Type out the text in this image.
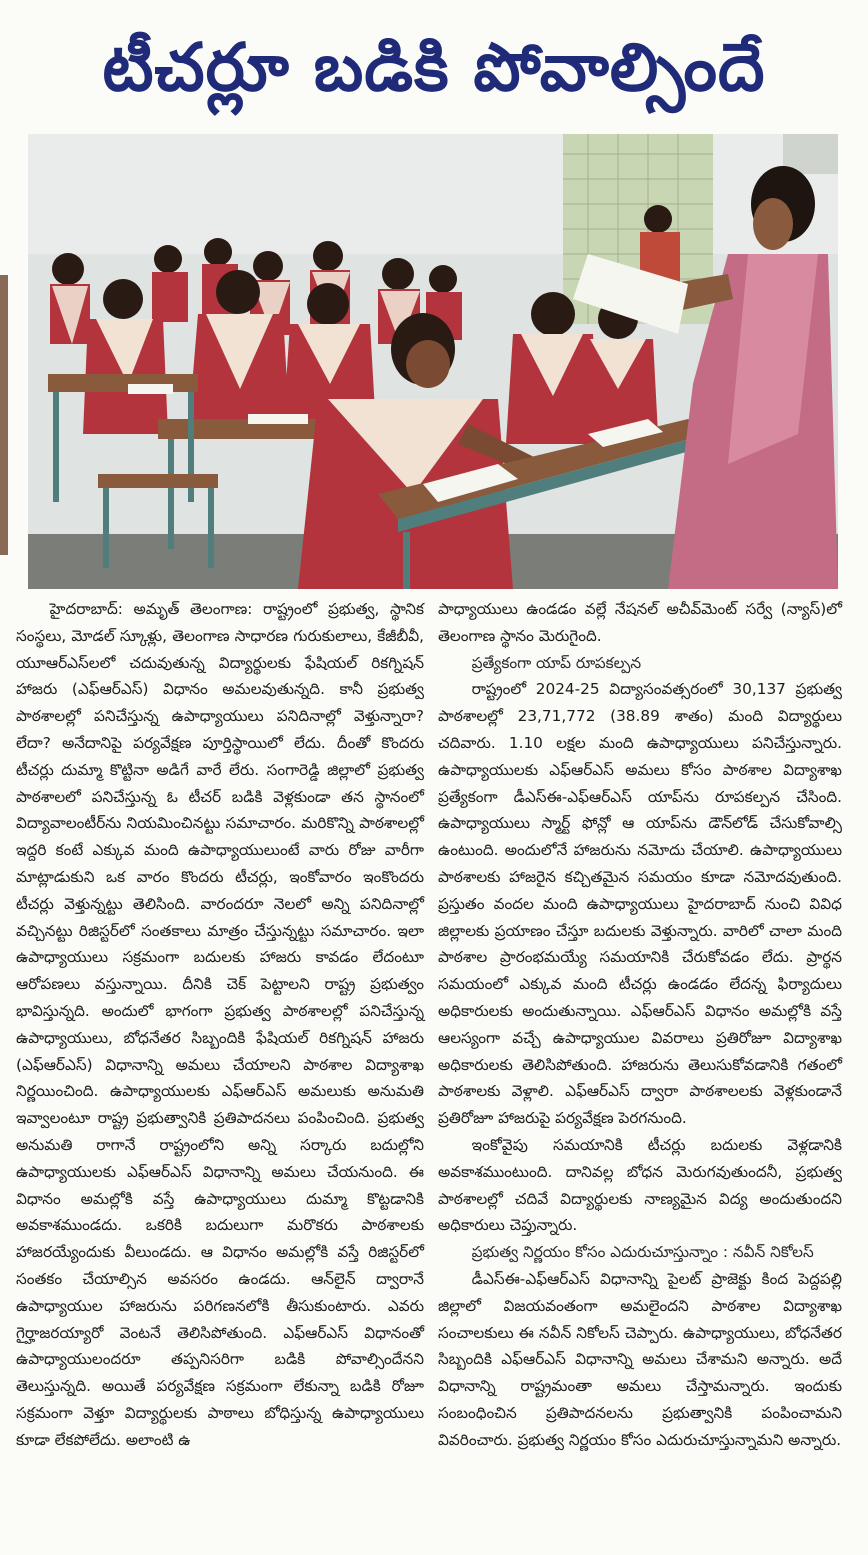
టీచర్లూ బడికి పోవాల్సిందే

హైదరాబాద్: అమృత్ తెలంగాణ: రాష్ట్రంలో ప్రభుత్వ, స్థానిక సంస్థలు, మోడల్ స్కూళ్లు, తెలంగాణ సాధారణ గురుకులాలు, కేజీబీవీ, యూఆర్ఎస్‌లలో చదువుతున్న విద్యార్థులకు ఫేషియల్ రికగ్నిషన్ హాజరు (ఎఫ్ఆర్ఎస్) విధానం అమలవుతున్నది. కానీ ప్రభుత్వ పాఠశాలల్లో పనిచేస్తున్న ఉపాధ్యాయులు పనిదినాల్లో వెళ్తున్నారా? లేదా? అనేదానిపై పర్యవేక్షణ పూర్తిస్థాయిలో లేదు. దీంతో కొందరు టీచర్లు దుమ్మా కొట్టినా అడిగే వారే లేరు. సంగారెడ్డి జిల్లాలో ప్రభుత్వ పాఠశాలలో పనిచేస్తున్న ఓ టీచర్ బడికి వెళ్లకుండా తన స్థానంలో విద్యావాలంటీర్‌ను నియమించినట్టు సమాచారం. మరికొన్ని పాఠశాలల్లో ఇద్దరి కంటే ఎక్కువ మంది ఉపాధ్యాయులుంటే వారు రోజు వారీగా మాట్లాడుకుని ఒక వారం కొందరు టీచర్లు, ఇంకోవారం ఇంకొందరు టీచర్లు వెళ్తున్నట్టు తెలిసింది. వారందరూ నెలలో అన్ని పనిదినాల్లో వచ్చినట్టు రిజిస్టర్‌లో సంతకాలు మాత్రం చేస్తున్నట్టు సమాచారం. ఇలా ఉపాధ్యాయులు సక్రమంగా బదులకు హాజరు కావడం లేదంటూ ఆరోపణలు వస్తున్నాయి. దీనికి చెక్ పెట్టాలని రాష్ట్ర ప్రభుత్వం భావిస్తున్నది. అందులో భాగంగా ప్రభుత్వ పాఠశాలల్లో పనిచేస్తున్న ఉపాధ్యాయులు, బోధనేతర సిబ్బందికి ఫేషియల్ రికగ్నిషన్ హాజరు (ఎఫ్ఆర్ఎస్) విధానాన్ని అమలు చేయాలని పాఠశాల విద్యాశాఖ నిర్ణయించింది. ఉపాధ్యాయులకు ఎఫ్ఆర్ఎస్ అమలుకు అనుమతి ఇవ్వాలంటూ రాష్ట్ర ప్రభుత్వానికి ప్రతిపాదనలు పంపించింది. ప్రభుత్వ అనుమతి రాగానే రాష్ట్రంలోని అన్ని సర్కారు బదుల్లోని ఉపాధ్యాయులకు ఎఫ్ఆర్ఎస్ విధానాన్ని అమలు చేయనుంది. ఈ విధానం అమల్లోకి వస్తే ఉపాధ్యాయులు దుమ్మా కొట్టడానికి అవకాశముండదు. ఒకరికి బదులుగా మరొకరు పాఠశాలకు హాజరయ్యేందుకు వీలుండదు. ఆ విధానం అమల్లోకి వస్తే రిజిస్టర్‌లో సంతకం చేయాల్సిన అవసరం ఉండదు. ఆన్‌లైన్ ద్వారానే ఉపాధ్యాయుల హాజరును పరిగణనలోకి తీసుకుంటారు. ఎవరు గైర్హాజరయ్యారో వెంటనే తెలిసిపోతుంది. ఎఫ్ఆర్ఎస్ విధానంతో ఉపాధ్యాయులందరూ తప్పనిసరిగా బడికి పోవాల్సిందేనని తెలుస్తున్నది. అయితే పర్యవేక్షణ సక్రమంగా లేకున్నా బడికి రోజూ సక్రమంగా వెళ్తూ విద్యార్థులకు పాఠాలు బోధిస్తున్న ఉపాధ్యాయులు కూడా లేకపోలేదు. అలాంటి ఉ

పాధ్యాయులు ఉండడం వల్లే నేషనల్ అచీవ్‌మెంట్ సర్వే (న్యాస్)లో తెలంగాణ స్థానం మెరుగైంది.

ప్రత్యేకంగా యాప్ రూపకల్పన

రాష్ట్రంలో 2024-25 విద్యాసంవత్సరంలో 30,137 ప్రభుత్వ పాఠశాలల్లో 23,71,772 (38.89 శాతం) మంది విద్యార్థులు చదివారు. 1.10 లక్షల మంది ఉపాధ్యాయులు పనిచేస్తున్నారు. ఉపాధ్యాయులకు ఎఫ్ఆర్ఎస్ అమలు కోసం పాఠశాల విద్యాశాఖ ప్రత్యేకంగా డీఎస్ఈ-ఎఫ్ఆర్ఎస్ యాప్‌ను రూపకల్పన చేసింది. ఉపాధ్యాయులు స్మార్ట్ ఫోన్లో ఆ యాప్‌ను డౌన్‌లోడ్ చేసుకోవాల్సి ఉంటుంది. అందులోనే హాజరును నమోదు చేయాలి. ఉపాధ్యాయులు పాఠశాలకు హాజరైన కచ్చితమైన సమయం కూడా నమోదవుతుంది. ప్రస్తుతం వందల మంది ఉపాధ్యాయులు హైదరాబాద్ నుంచి వివిధ జిల్లాలకు ప్రయాణం చేస్తూ బదులకు వెళ్తున్నారు. వారిలో చాలా మంది పాఠశాల ప్రారంభమయ్యే సమయానికి చేరుకోవడం లేదు. ప్రార్థన సమయంలో ఎక్కువ మంది టీచర్లు ఉండడం లేదన్న ఫిర్యాదులు అధికారులకు అందుతున్నాయి. ఎఫ్ఆర్ఎస్ విధానం అమల్లోకి వస్తే ఆలస్యంగా వచ్చే ఉపాధ్యాయుల వివరాలు ప్రతిరోజూ విద్యాశాఖ అధికారులకు తెలిసిపోతుంది. హాజరును తెలుసుకోవడానికి గతంలో పాఠశాలకు వెళ్లాలి. ఎఫ్ఆర్ఎస్ ద్వారా పాఠశాలలకు వెళ్లకుండానే ప్రతిరోజూ హాజరుపై పర్యవేక్షణ పెరగనుంది.

ఇంకోవైపు సమయానికి టీచర్లు బదులకు వెళ్లడానికి అవకాశముంటుంది. దానివల్ల బోధన మెరుగవుతుందనీ, ప్రభుత్వ పాఠశాలల్లో చదివే విద్యార్థులకు నాణ్యమైన విద్య అందుతుందని అధికారులు చెప్తున్నారు.

ప్రభుత్వ నిర్ణయం కోసం ఎదురుచూస్తున్నాం : నవీన్ నికోలస్

డీఎస్ఈ-ఎఫ్ఆర్ఎస్ విధానాన్ని పైలట్ ప్రాజెక్టు కింద పెద్దపల్లి జిల్లాలో విజయవంతంగా అమలైందని పాఠశాల విద్యాశాఖ సంచాలకులు ఈ నవీన్ నికోలస్ చెప్పారు. ఉపాధ్యాయులు, బోధనేతర సిబ్బందికి ఎఫ్ఆర్ఎస్ విధానాన్ని అమలు చేశామని అన్నారు. అదే విధానాన్ని రాష్ట్రమంతా అమలు చేస్తామన్నారు. ఇందుకు సంబంధించిన ప్రతిపాదనలను ప్రభుత్వానికి పంపించామని వివరించారు. ప్రభుత్వ నిర్ణయం కోసం ఎదురుచూస్తున్నామని అన్నారు.
